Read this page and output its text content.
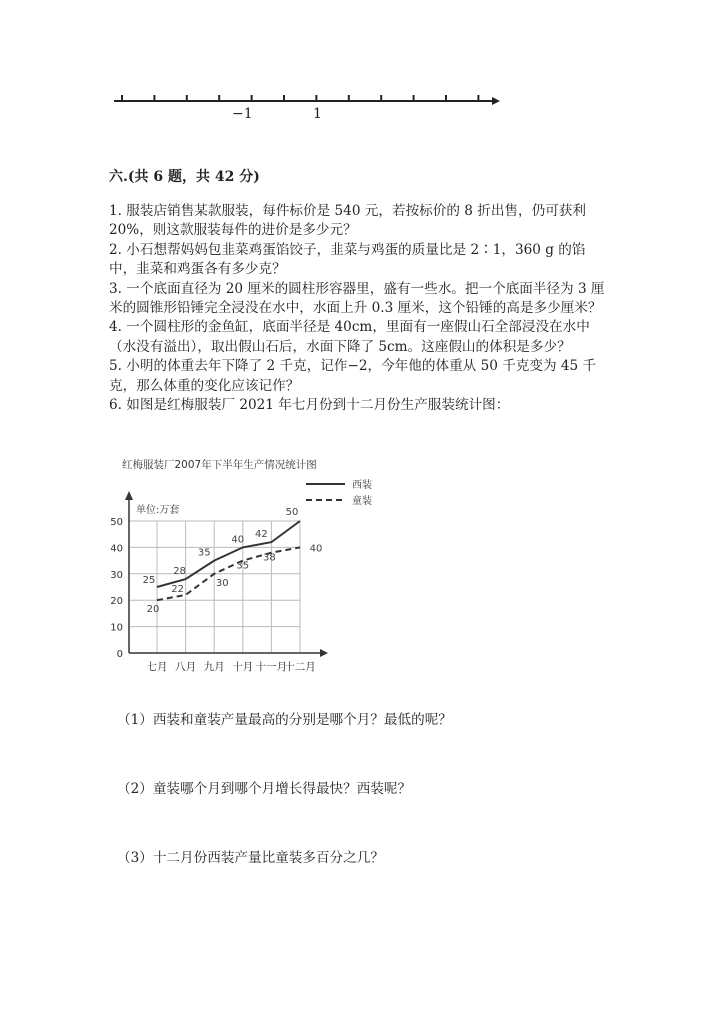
−1	1
六.(共 6 题，共 42 分)

1. 服装店销售某款服装，每件标价是 540 元，若按标价的 8 折出售，仍可获利 20%，则这款服装每件的进价是多少元？

2. 小石想帮妈妈包韭菜鸡蛋馅饺子，韭菜与鸡蛋的质量比是 2∶1，360 g 的馅中，韭菜和鸡蛋各有多少克？

3. 一个底面直径为 20 厘米的圆柱形容器里，盛有一些水。把一个底面半径为 3 厘米的圆锥形铅锤完全浸没在水中，水面上升 0.3 厘米，这个铅锤的高是多少厘米？

4. 一个圆柱形的金鱼缸，底面半径是 40cm，里面有一座假山石全部浸没在水中（水没有溢出），取出假山石后，水面下降了 5cm。这座假山的体积是多少？

5. 小明的体重去年下降了 2 千克，记作−2，今年他的体重从 50 千克变为 45 千克，那么体重的变化应该记作？

6. 如图是红梅服装厂 2021 年七月份到十二月份生产服装统计图：

红梅服装厂2007年下半年生产情况统计图
单位:万套
西装
童装
0
10
20
30
40
50
七月 八月 九月 十月 十一月
十二月
25
28
35
40 42
50
20
22
30
35
38
40
（1）西装和童装产量最高的分别是哪个月？最低的呢？
（2）童装哪个月到哪个月增长得最快？西装呢？
（3）十二月份西装产量比童装多百分之几？
